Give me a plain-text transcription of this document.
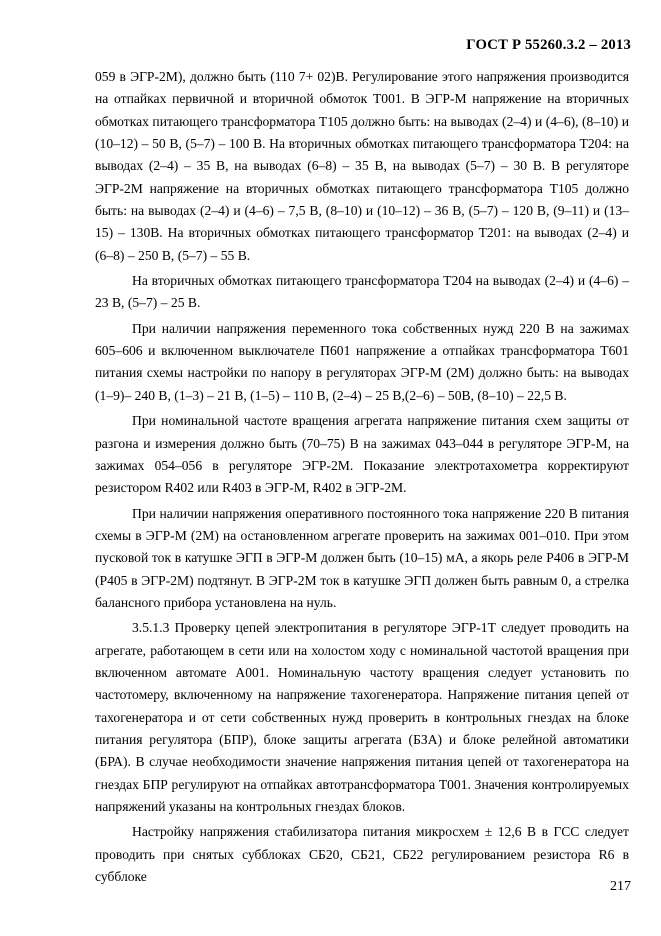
ГОСТ Р 55260.3.2 – 2013

059 в ЭГР-2М), должно быть (110 7+ 02)В. Регулирование этого напряжения производится на отпайках первичной и вторичной обмоток Т001. В ЭГР-М напряжение на вторичных обмотках питающего трансформатора Т105 должно быть: на выводах (2–4) и (4–6), (8–10) и (10–12) – 50 В, (5–7) – 100 В. На вторичных обмотках питающего трансформатора Т204: на выводах (2–4) – 35 В, на выводах (6–8) – 35 В, на выводах (5–7) – 30 В. В регуляторе ЭГР-2М напряжение на вторичных обмотках питающего трансформатора Т105 должно быть: на выводах (2–4) и (4–6) – 7,5 В, (8–10) и (10–12) – 36 В, (5–7) – 120 В, (9–11) и (13–15) – 130В. На вторичных обмотках питающего трансформатор Т201: на выводах (2–4) и (6–8) – 250 В, (5–7) – 55 В.

На вторичных обмотках питающего трансформатора Т204 на выводах (2–4) и (4–6) – 23 В, (5–7) – 25 В.

При наличии напряжения переменного тока собственных нужд 220 В на зажимах 605–606 и включенном выключателе П601 напряжение а отпайках трансформатора Т601 питания схемы настройки по напору в регуляторах ЭГР-М (2М) должно быть: на выводах (1–9)– 240 В, (1–3) – 21 В, (1–5) – 110 В, (2–4) – 25 В,(2–6) – 50В, (8–10) – 22,5 В.

При номинальной частоте вращения агрегата напряжение питания схем защиты от разгона и измерения должно быть (70–75) В на зажимах 043–044 в регуляторе ЭГР-М, на зажимах 054–056 в регуляторе ЭГР-2М. Показание электротахометра корректируют резистором R402 или R403 в ЭГР-М, R402 в ЭГР-2М.

При наличии напряжения оперативного постоянного тока напряжение 220 В питания схемы в ЭГР-М (2М) на остановленном агрегате проверить на зажимах 001–010. При этом пусковой ток в катушке ЭГП в ЭГР-М должен быть (10–15) мА, а якорь реле Р406 в ЭГР-М (Р405 в ЭГР-2М) подтянут. В ЭГР-2М ток в катушке ЭГП должен быть равным 0, а стрелка балансного прибора установлена на нуль.

3.5.1.3 Проверку цепей электропитания в регуляторе ЭГР-1Т следует проводить на агрегате, работающем в сети или на холостом ходу с номинальной частотой вращения при включенном автомате А001. Номинальную частоту вращения следует установить по частотомеру, включенному на напряжение тахогенератора. Напряжение питания цепей от тахогенератора и от сети собственных нужд проверить в контрольных гнездах на блоке питания регулятора (БПР), блоке защиты агрегата (БЗА) и блоке релейной автоматики (БРА). В случае необходимости значение напряжения питания цепей от тахогенератора на гнездах БПР регулируют на отпайках автотрансформатора Т001. Значения контролируемых напряжений указаны на контрольных гнездах блоков.

Настройку напряжения стабилизатора питания микросхем ± 12,6 В в ГСС следует проводить при снятых субблоках СБ20, СБ21, СБ22 регулированием резистора R6 в субблоке

217
